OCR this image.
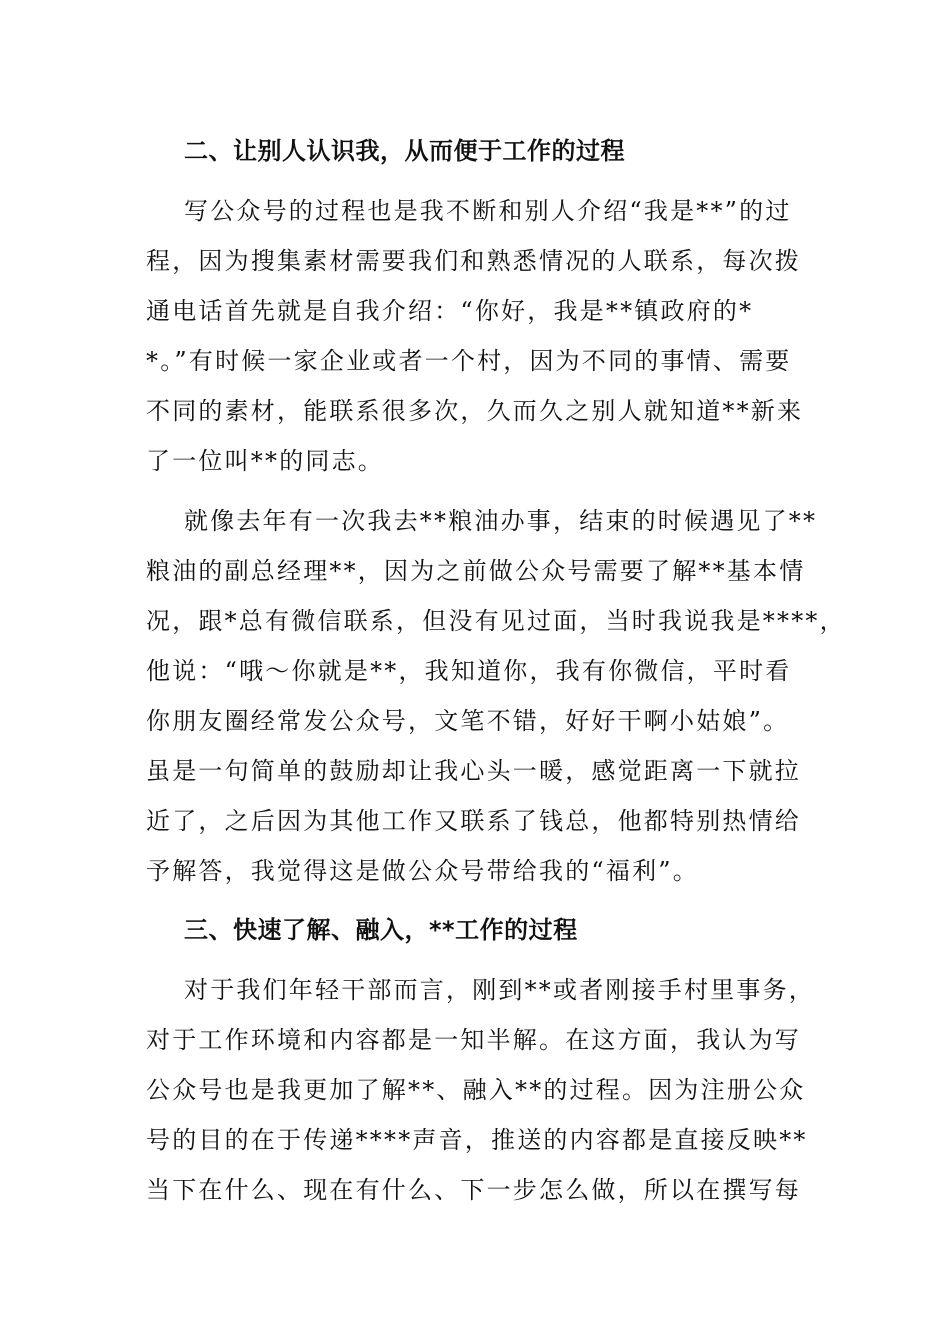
二、让别人认识我，从而便于工作的过程
写公众号的过程也是我不断和别人介绍“我是**”的过
程，因为搜集素材需要我们和熟悉情况的人联系，每次拨
通电话首先就是自我介绍：“你好，我是**镇政府的*
*。”有时候一家企业或者一个村，因为不同的事情、需要
不同的素材，能联系很多次，久而久之别人就知道**新来
了一位叫**的同志。
就像去年有一次我去**粮油办事，结束的时候遇见了**
粮油的副总经理**，因为之前做公众号需要了解**基本情
况，跟*总有微信联系，但没有见过面，当时我说我是****，
他说：“哦～你就是**，我知道你，我有你微信，平时看
你朋友圈经常发公众号，文笔不错，好好干啊小姑娘”。
虽是一句简单的鼓励却让我心头一暖，感觉距离一下就拉
近了，之后因为其他工作又联系了钱总，他都特别热情给
予解答，我觉得这是做公众号带给我的“福利”。
三、快速了解、融入，**工作的过程
对于我们年轻干部而言，刚到**或者刚接手村里事务，
对于工作环境和内容都是一知半解。在这方面，我认为写
公众号也是我更加了解**、融入**的过程。因为注册公众
号的目的在于传递****声音，推送的内容都是直接反映**
当下在什么、现在有什么、下一步怎么做，所以在撰写每
